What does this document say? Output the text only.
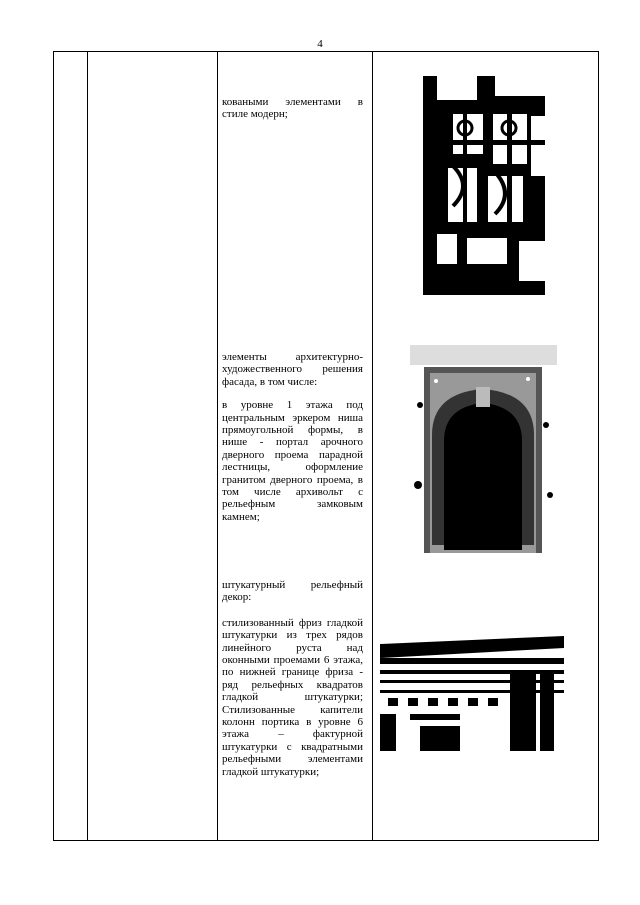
4

коваными элементами в стиле модерн;

элементы архитектурно-художественного решения фасада, в том числе:

в уровне 1 этажа под центральным эркером ниша прямоугольной формы, в нише - портал арочного дверного проема парадной лестницы, оформление гранитом дверного проема, в том числе архивольт с рельефным замковым камнем;

штукатурный рельефный декор:

стилизованный фриз гладкой штукатурки из трех рядов линейного руста над оконными проемами 6 этажа, по нижней границе фриза - ряд рельефных квадратов гладкой штукатурки; Стилизованные капители колонн портика в уровне 6 этажа – фактурной штукатурки с квадратными рельефными элементами гладкой штукатурки;
